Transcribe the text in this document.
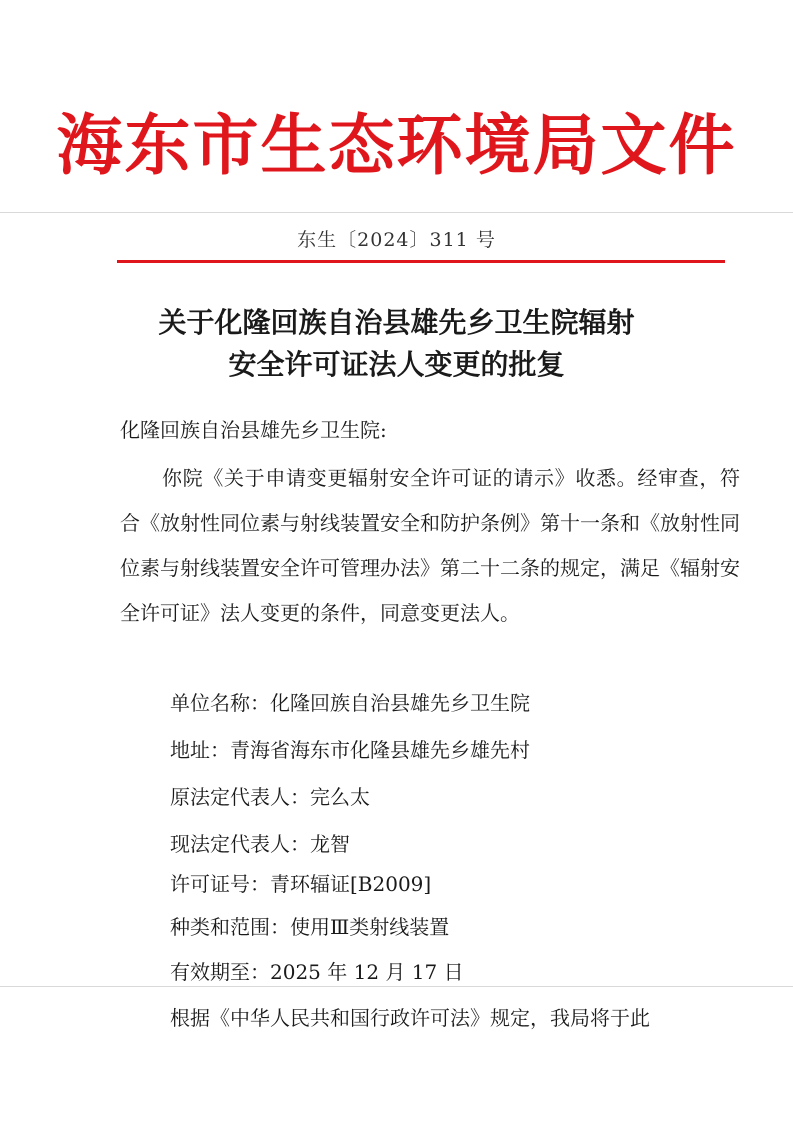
海东市生态环境局文件
东生〔2024〕311 号
关于化隆回族自治县雄先乡卫生院辐射
安全许可证法人变更的批复
化隆回族自治县雄先乡卫生院:
你院《关于申请变更辐射安全许可证的请示》收悉。经审查，符合《放射性同位素与射线装置安全和防护条例》第十一条和《放射性同位素与射线装置安全许可管理办法》第二十二条的规定，满足《辐射安全许可证》法人变更的条件，同意变更法人。
单位名称：化隆回族自治县雄先乡卫生院
地址：青海省海东市化隆县雄先乡雄先村
原法定代表人：完么太
现法定代表人：龙智
许可证号：青环辐证[B2009]
种类和范围：使用Ⅲ类射线装置
有效期至：2025 年 12 月 17 日
根据《中华人民共和国行政许可法》规定，我局将于此
